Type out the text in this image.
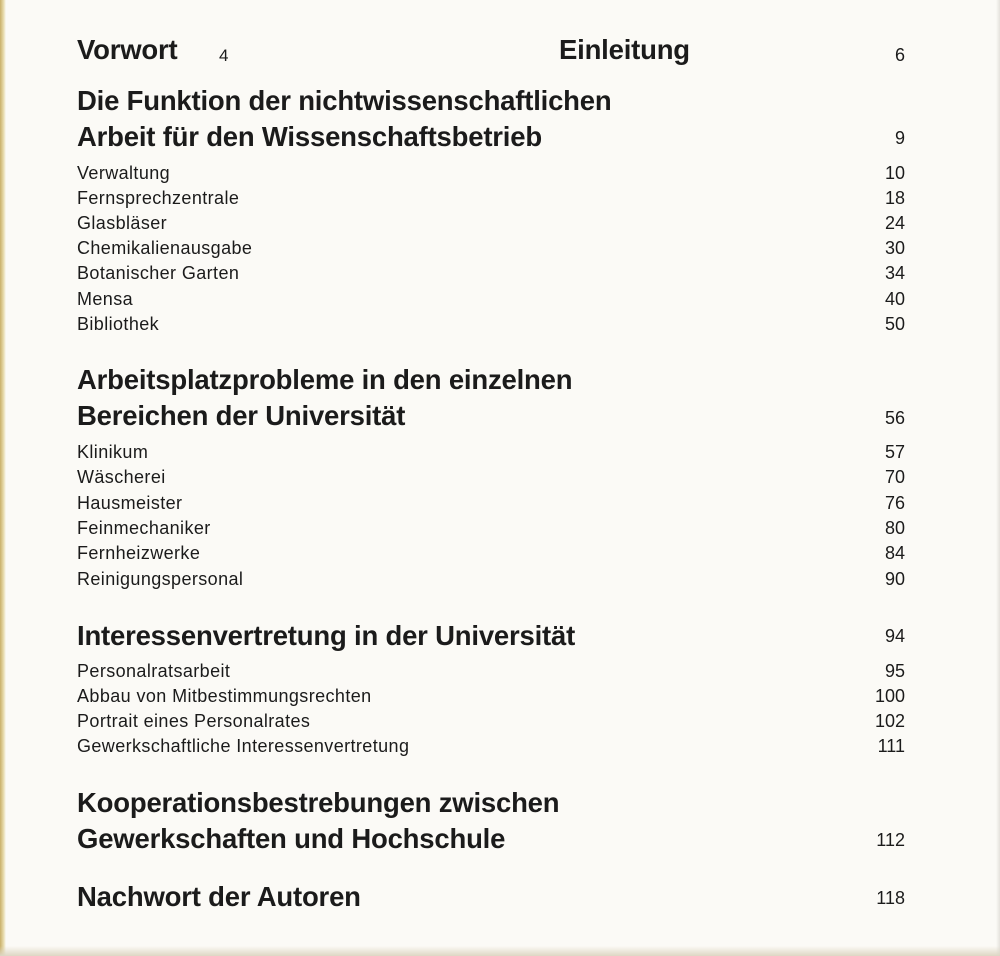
Vorwort 4	Einleitung	6
Die Funktion der nichtwissenschaftlichen
Arbeit für den Wissenschaftsbetrieb	9
Verwaltung	10
Fernsprechzentrale	18
Glasbläser	24
Chemikalienausgabe	30
Botanischer Garten	34
Mensa	40
Bibliothek	50
Arbeitsplatzprobleme in den einzelnen
Bereichen der Universität	56
Klinikum	57
Wäscherei	70
Hausmeister	76
Feinmechaniker	80
Fernheizwerke	84
Reinigungspersonal	90
Interessenvertretung in der Universität	94
Personalratsarbeit	95
Abbau von Mitbestimmungsrechten	100
Portrait eines Personalrates	102
Gewerkschaftliche Interessenvertretung	111
Kooperationsbestrebungen zwischen
Gewerkschaften und Hochschule	112
Nachwort der Autoren	118
